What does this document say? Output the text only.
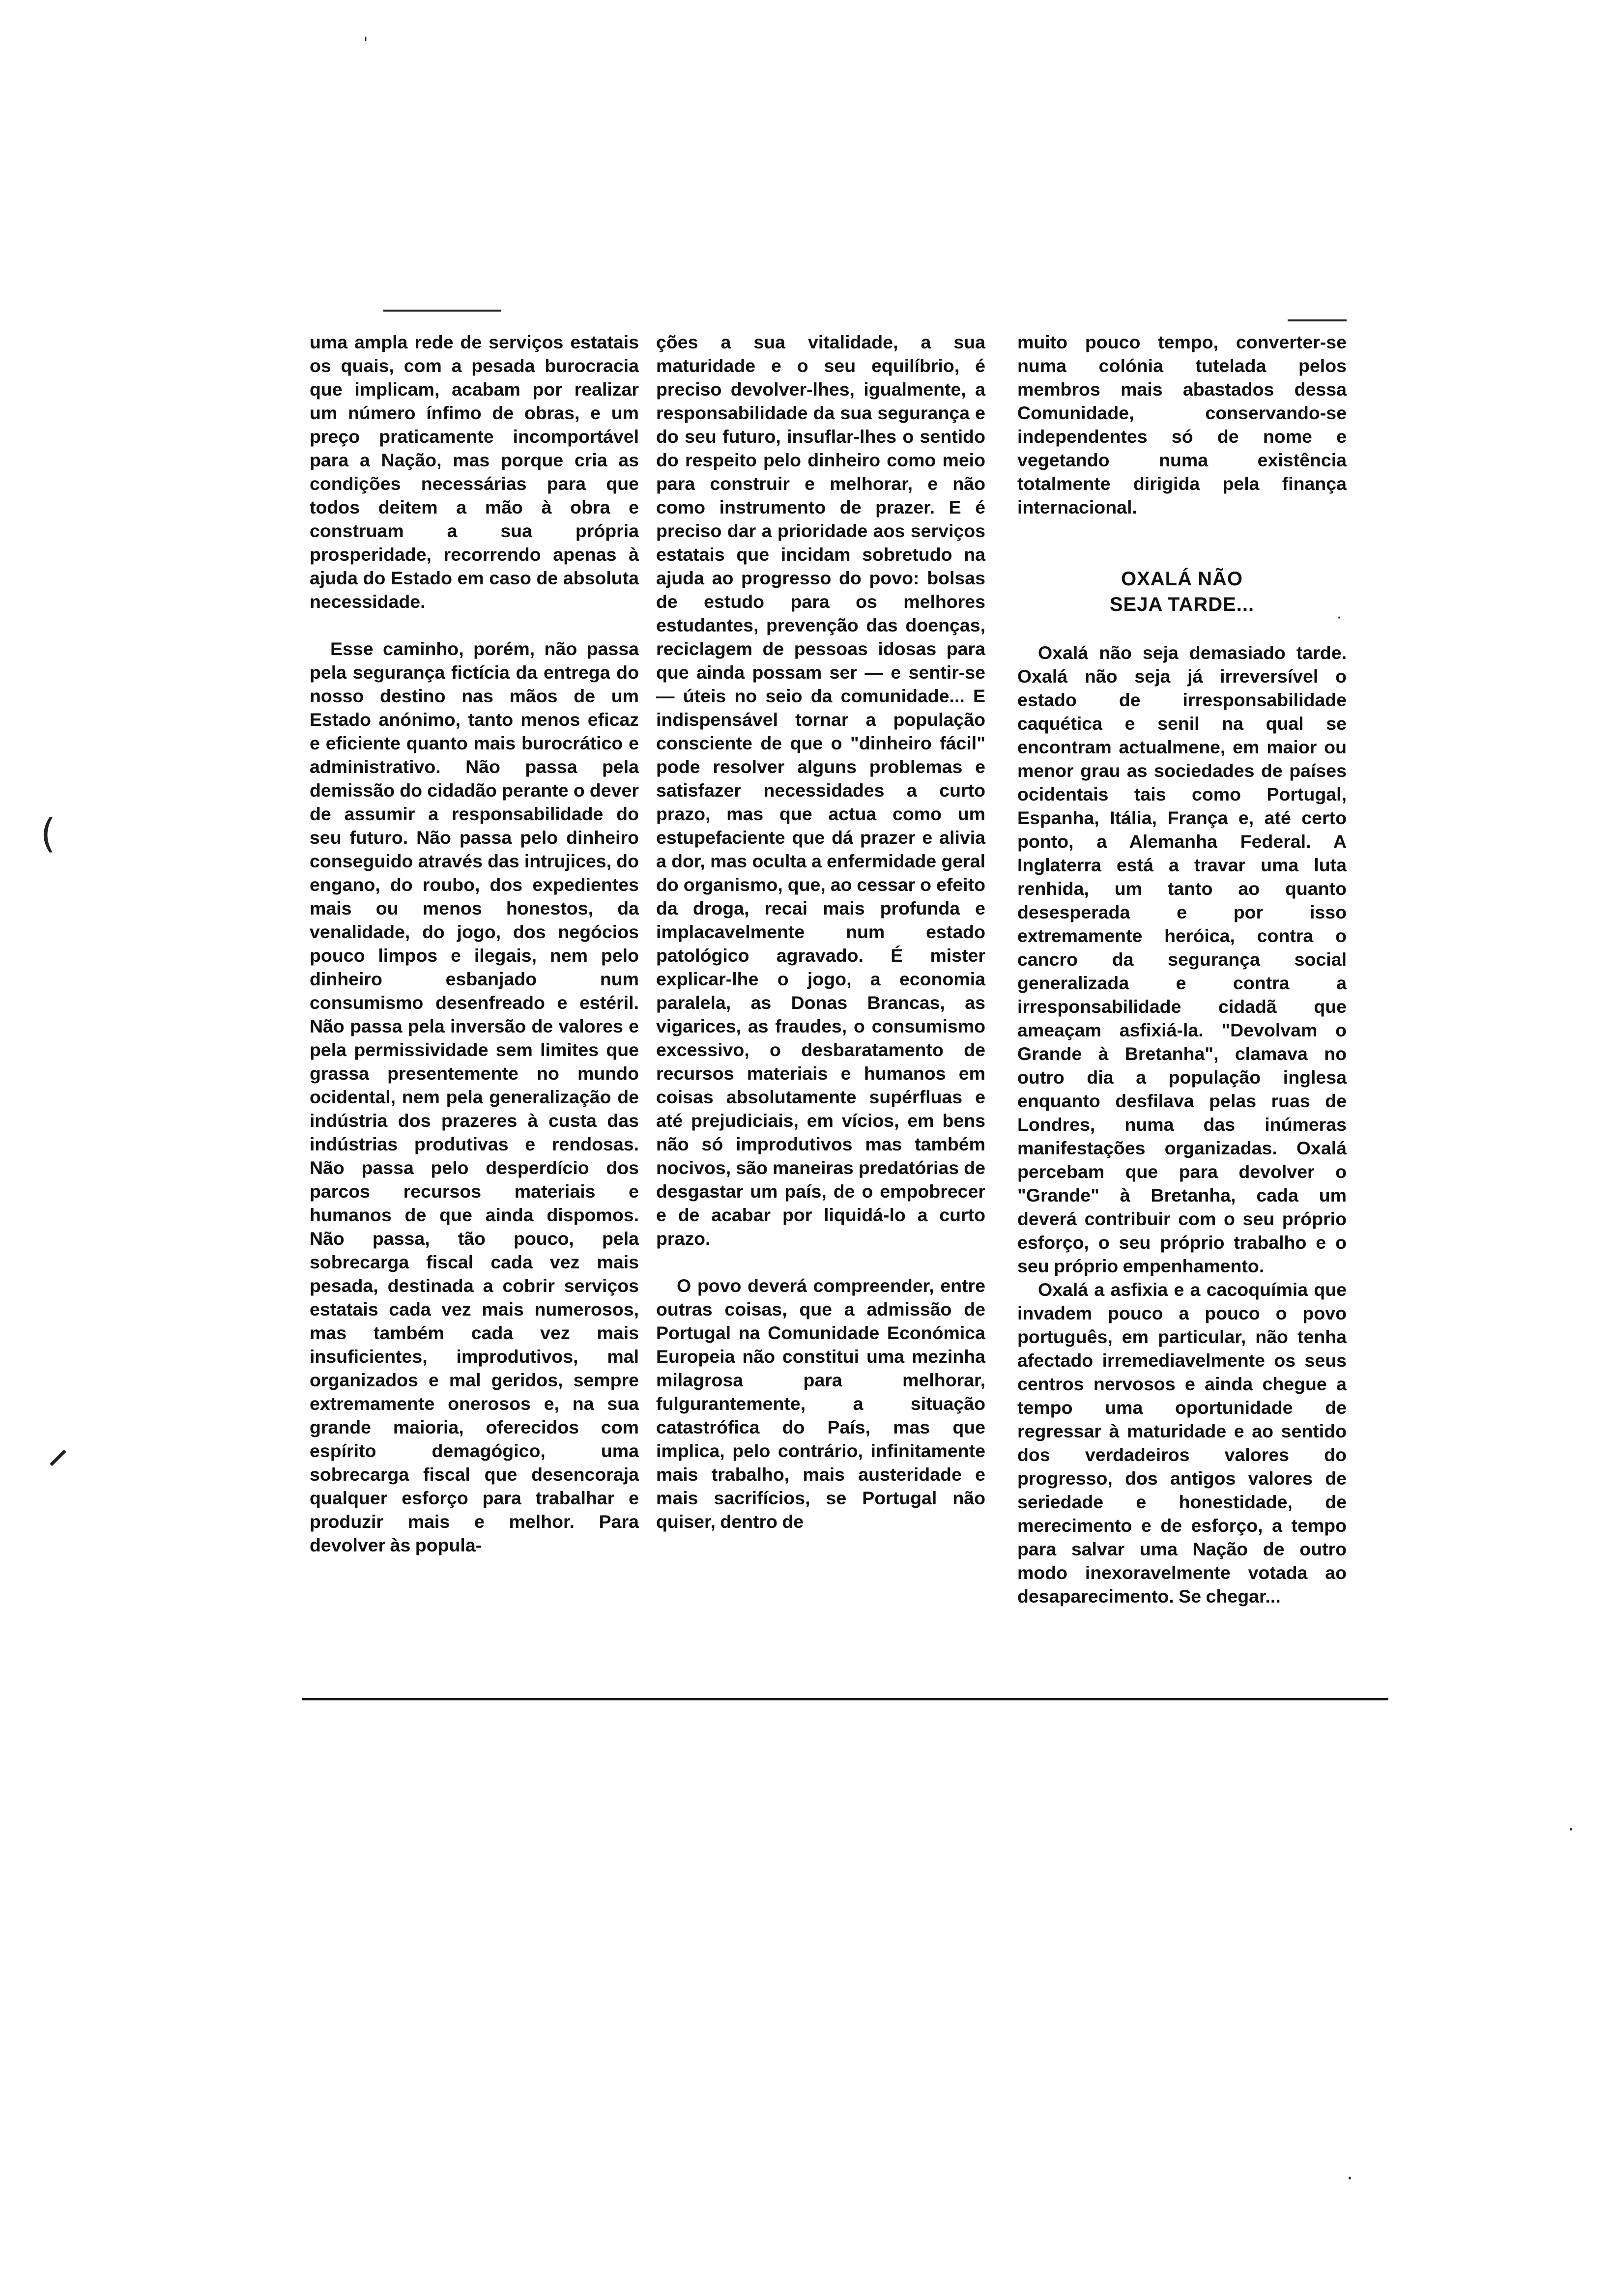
uma ampla rede de serviços estatais os quais, com a pesada burocracia que implicam, acabam por realizar um número ínfimo de obras, e um preço praticamente incomportável para a Nação, mas porque cria as condições necessárias para que todos deitem a mão à obra e construam a sua própria prosperidade, recorrendo apenas à ajuda do Estado em caso de absoluta necessidade.

Esse caminho, porém, não passa pela segurança fictícia da entrega do nosso destino nas mãos de um Estado anónimo, tanto menos eficaz e eficiente quanto mais burocrático e administrativo. Não passa pela demissão do cidadão perante o dever de assumir a responsabilidade do seu futuro. Não passa pelo dinheiro conseguido através das intrujices, do engano, do roubo, dos expedientes mais ou menos honestos, da venalidade, do jogo, dos negócios pouco limpos e ilegais, nem pelo dinheiro esbanjado num consumismo desenfreado e estéril. Não passa pela inversão de valores e pela permissividade sem limites que grassa presentemente no mundo ocidental, nem pela generalização de indústria dos prazeres à custa das indústrias produtivas e rendosas. Não passa pelo desperdício dos parcos recursos materiais e humanos de que ainda dispomos. Não passa, tão pouco, pela sobrecarga fiscal cada vez mais pesada, destinada a cobrir serviços estatais cada vez mais numerosos, mas também cada vez mais insuficientes, improdutivos, mal organizados e mal geridos, sempre extremamente onerosos e, na sua grande maioria, oferecidos com espírito demagógico, uma sobrecarga fiscal que desencoraja qualquer esforço para trabalhar e produzir mais e melhor. Para devolver às popula-

ções a sua vitalidade, a sua maturidade e o seu equilíbrio, é preciso devolver-lhes, igualmente, a responsabilidade da sua segurança e do seu futuro, insuflar-lhes o sentido do respeito pelo dinheiro como meio para construir e melhorar, e não como instrumento de prazer. E é preciso dar a prioridade aos serviços estatais que incidam sobretudo na ajuda ao progresso do povo: bolsas de estudo para os melhores estudantes, prevenção das doenças, reciclagem de pessoas idosas para que ainda possam ser — e sentir-se — úteis no seio da comunidade... E indispensável tornar a população consciente de que o "dinheiro fácil" pode resolver alguns problemas e satisfazer necessidades a curto prazo, mas que actua como um estupefaciente que dá prazer e alivia a dor, mas oculta a enfermidade geral do organismo, que, ao cessar o efeito da droga, recai mais profunda e implacavelmente num estado patológico agravado. É mister explicar-lhe o jogo, a economia paralela, as Donas Brancas, as vigarices, as fraudes, o consumismo excessivo, o desbaratamento de recursos materiais e humanos em coisas absolutamente supérfluas e até prejudiciais, em vícios, em bens não só improdutivos mas também nocivos, são maneiras predatórias de desgastar um país, de o empobrecer e de acabar por liquidá-lo a curto prazo.

O povo deverá compreender, entre outras coisas, que a admissão de Portugal na Comunidade Económica Europeia não constitui uma mezinha milagrosa para melhorar, fulgurantemente, a situação catastrófica do País, mas que implica, pelo contrário, infinitamente mais trabalho, mais austeridade e mais sacrifícios, se Portugal não quiser, dentro de

muito pouco tempo, converter-se numa colónia tutelada pelos membros mais abastados dessa Comunidade, conservando-se independentes só de nome e vegetando numa existência totalmente dirigida pela finança internacional.

OXALÁ NÃO
SEJA TARDE...

Oxalá não seja demasiado tarde. Oxalá não seja já irreversível o estado de irresponsabilidade caquética e senil na qual se encontram actualmene, em maior ou menor grau as sociedades de países ocidentais tais como Portugal, Espanha, Itália, França e, até certo ponto, a Alemanha Federal. A Inglaterra está a travar uma luta renhida, um tanto ao quanto desesperada e por isso extremamente heróica, contra o cancro da segurança social generalizada e contra a irresponsabilidade cidadã que ameaçam asfixiá-la. "Devolvam o Grande à Bretanha", clamava no outro dia a população inglesa enquanto desfilava pelas ruas de Londres, numa das inúmeras manifestações organizadas. Oxalá percebam que para devolver o "Grande" à Bretanha, cada um deverá contribuir com o seu próprio esforço, o seu próprio trabalho e o seu próprio empenhamento.

Oxalá a asfixia e a cacoquímia que invadem pouco a pouco o povo português, em particular, não tenha afectado irremediavelmente os seus centros nervosos e ainda chegue a tempo uma oportunidade de regressar à maturidade e ao sentido dos verdadeiros valores do progresso, dos antigos valores de seriedade e honestidade, de merecimento e de esforço, a tempo para salvar uma Nação de outro modo inexoravelmente votada ao desaparecimento. Se chegar...

(
⸝
'
·
·
·
